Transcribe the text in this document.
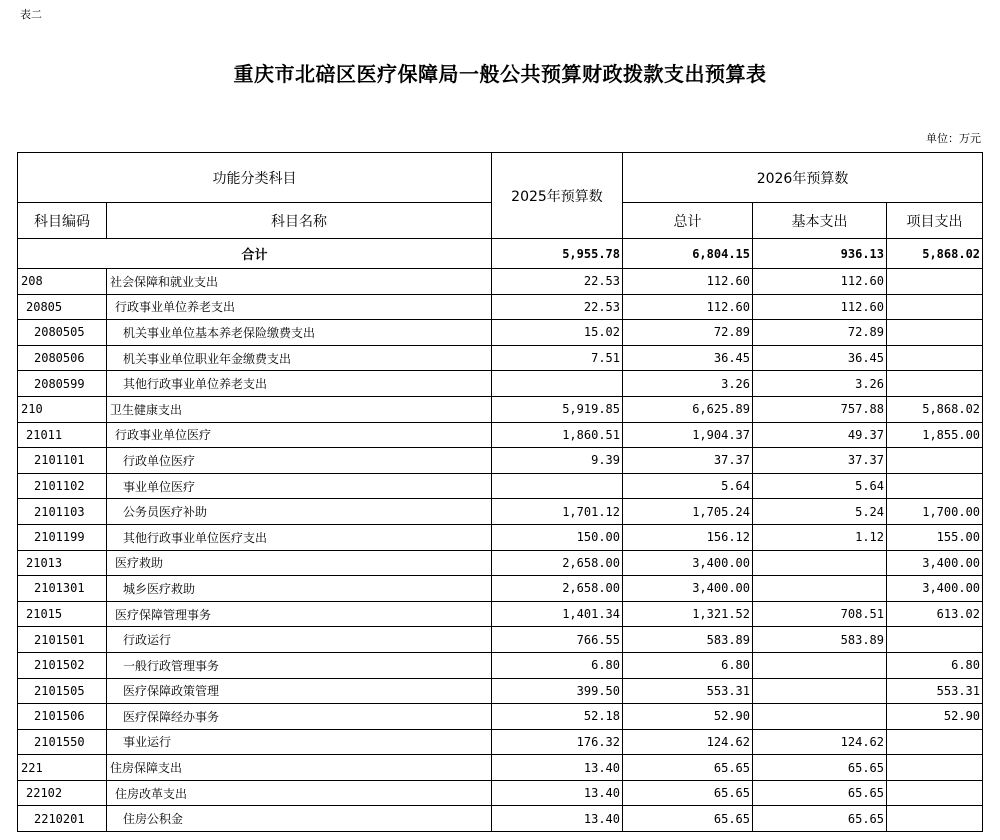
表二
重庆市北碚区医疗保障局一般公共预算财政拨款支出预算表
单位：万元
功能分类科目		2025年预算数	2026年预算数		
科目编码	科目名称		总计	基本支出	项目支出
合计		5,955.78	6,804.15	936.13	5,868.02
208	社会保障和就业支出	22.53	112.60	112.60	
20805	行政事业单位养老支出	22.53	112.60	112.60	
2080505	机关事业单位基本养老保险缴费支出	15.02	72.89	72.89	
2080506	机关事业单位职业年金缴费支出	7.51	36.45	36.45	
2080599	其他行政事业单位养老支出		3.26	3.26	
210	卫生健康支出	5,919.85	6,625.89	757.88	5,868.02
21011	行政事业单位医疗	1,860.51	1,904.37	49.37	1,855.00
2101101	行政单位医疗	9.39	37.37	37.37	
2101102	事业单位医疗		5.64	5.64	
2101103	公务员医疗补助	1,701.12	1,705.24	5.24	1,700.00
2101199	其他行政事业单位医疗支出	150.00	156.12	1.12	155.00
21013	医疗救助	2,658.00	3,400.00		3,400.00
2101301	城乡医疗救助	2,658.00	3,400.00		3,400.00
21015	医疗保障管理事务	1,401.34	1,321.52	708.51	613.02
2101501	行政运行	766.55	583.89	583.89	
2101502	一般行政管理事务	6.80	6.80		6.80
2101505	医疗保障政策管理	399.50	553.31		553.31
2101506	医疗保障经办事务	52.18	52.90		52.90
2101550	事业运行	176.32	124.62	124.62	
221	住房保障支出	13.40	65.65	65.65	
22102	住房改革支出	13.40	65.65	65.65	
2210201	住房公积金	13.40	65.65	65.65	
